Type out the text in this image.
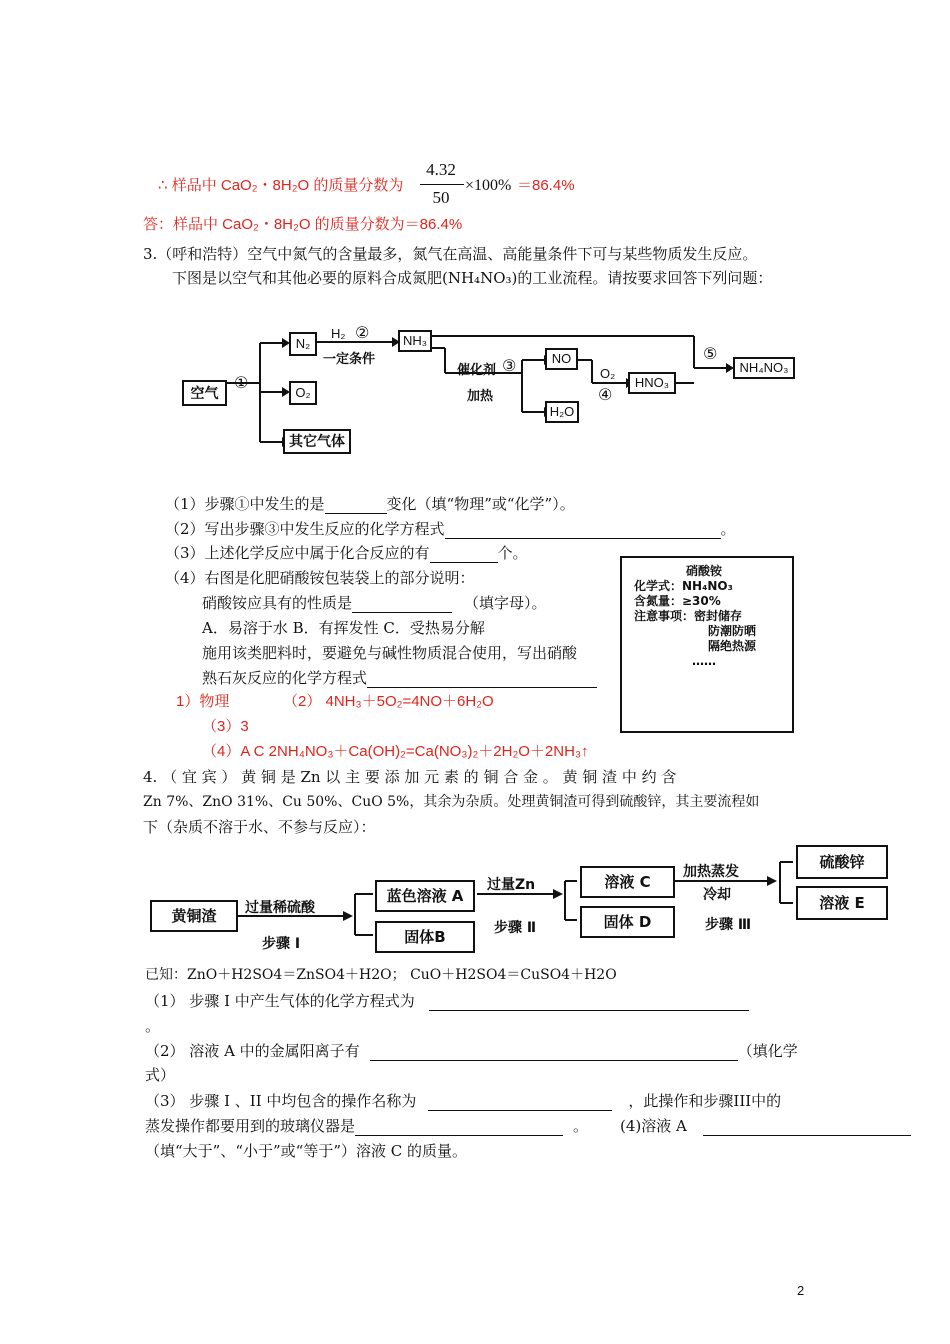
∴ 样品中 CaO₂・8H₂O 的质量分数为
4.32
50
×100% ＝86.4%
答：样品中 CaO₂・8H₂O 的质量分数为＝86.4%
3.（呼和浩特）空气中氮气的含量最多，氮气在高温、高能量条件下可与某些物质发生反应。
下图是以空气和其他必要的原料合成氮肥(NH₄NO₃)的工业流程。请按要求回答下列问题：
空气
N₂
O₂
其它气体
NH₃
NO
H₂O
HNO₃
NH₄NO₃
①
H₂ ②
一定条件
催化剂 ③
加热
O₂
④
⑤
（1）步骤①中发生的是	变化（填“物理”或“化学”）。
（2）写出步骤③中发生反应的化学方程式	。
（3）上述化学反应中属于化合反应的有	个。
（4）右图是化肥硝酸铵包装袋上的部分说明：
硝酸铵应具有的性质是	（填字母）。
A．易溶于水 B．有挥发性 C．受热易分解
施用该类肥料时，要避免与碱性物质混合使用，写出硝酸
熟石灰反应的化学方程式
硝酸铵
化学式：NH₄NO₃
含氮量：≥30%
注意事项：密封储存
防潮防晒
隔绝热源
……
1）物理	（2） 4NH₃＋5O₂=4NO＋6H₂O
（3）3
（4）A C 2NH₄NO₃＋Ca(OH)₂=Ca(NO₃)₂＋2H₂O＋2NH₃↑
4. （ 宜 宾 ） 黄 铜 是 Zn 以 主 要 添 加 元 素 的 铜 合 金 。 黄 铜 渣 中 约 含
Zn 7%、ZnO 31%、Cu 50%、CuO 5%，其余为杂质。处理黄铜渣可得到硫酸锌，其主要流程如
下（杂质不溶于水、不参与反应）：
黄铜渣
蓝色溶液 A
固体B
溶液 C
固体 D
硫酸锌
溶液 E
过量稀硫酸
步骤 I
过量Zn
步骤 Ⅱ
加热蒸发
冷却
步骤 Ⅲ
已知：ZnO＋H2SO4＝ZnSO4＋H2O； CuO＋H2SO4＝CuSO4＋H2O
（1） 步骤 I 中产生气体的化学方程式为
。
（2） 溶液 A 中的金属阳离子有	（填化学
式）
（3） 步骤 I 、II 中均包含的操作名称为	，此操作和步骤III中的
蒸发操作都要用到的玻璃仪器是	。 (4)溶液 A
（填“大于”、“小于”或“等于”）溶液 C 的质量。
2
